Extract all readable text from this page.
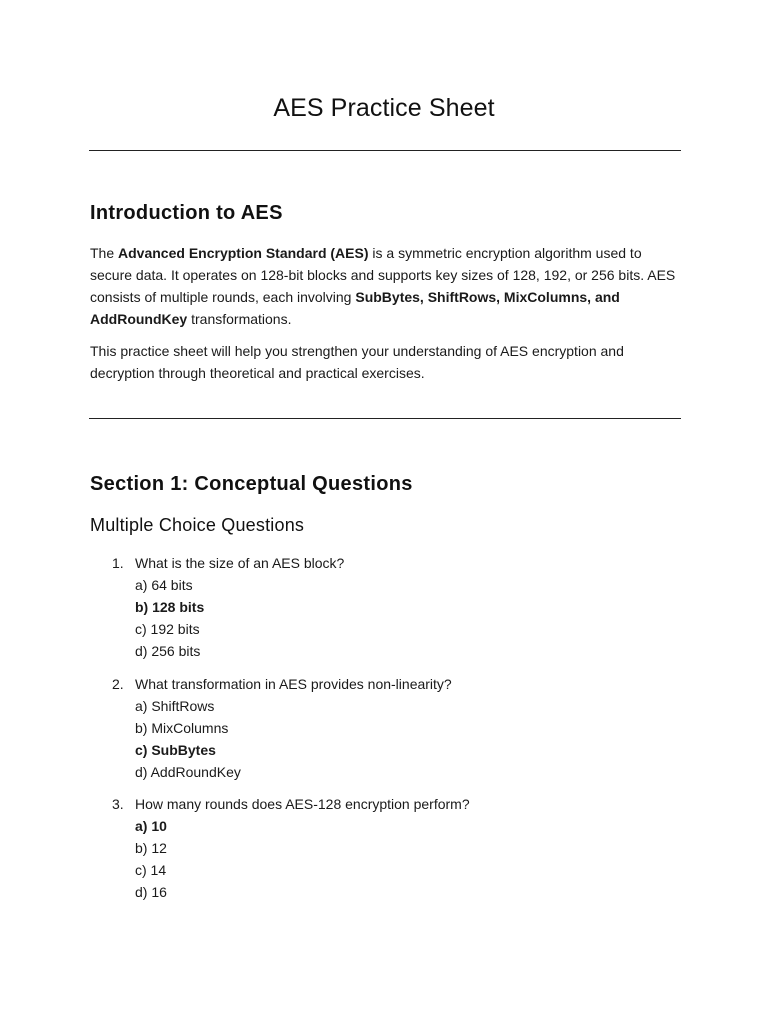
AES Practice Sheet
Introduction to AES

The Advanced Encryption Standard (AES) is a symmetric encryption algorithm used to secure data. It operates on 128-bit blocks and supports key sizes of 128, 192, or 256 bits. AES consists of multiple rounds, each involving SubBytes, ShiftRows, MixColumns, and AddRoundKey transformations.

This practice sheet will help you strengthen your understanding of AES encryption and decryption through theoretical and practical exercises.

Section 1: Conceptual Questions
Multiple Choice Questions
1. What is the size of an AES block?
a) 64 bits
b) 128 bits
c) 192 bits
d) 256 bits
2. What transformation in AES provides non-linearity?
a) ShiftRows
b) MixColumns
c) SubBytes
d) AddRoundKey
3. How many rounds does AES-128 encryption perform?
a) 10
b) 12
c) 14
d) 16
